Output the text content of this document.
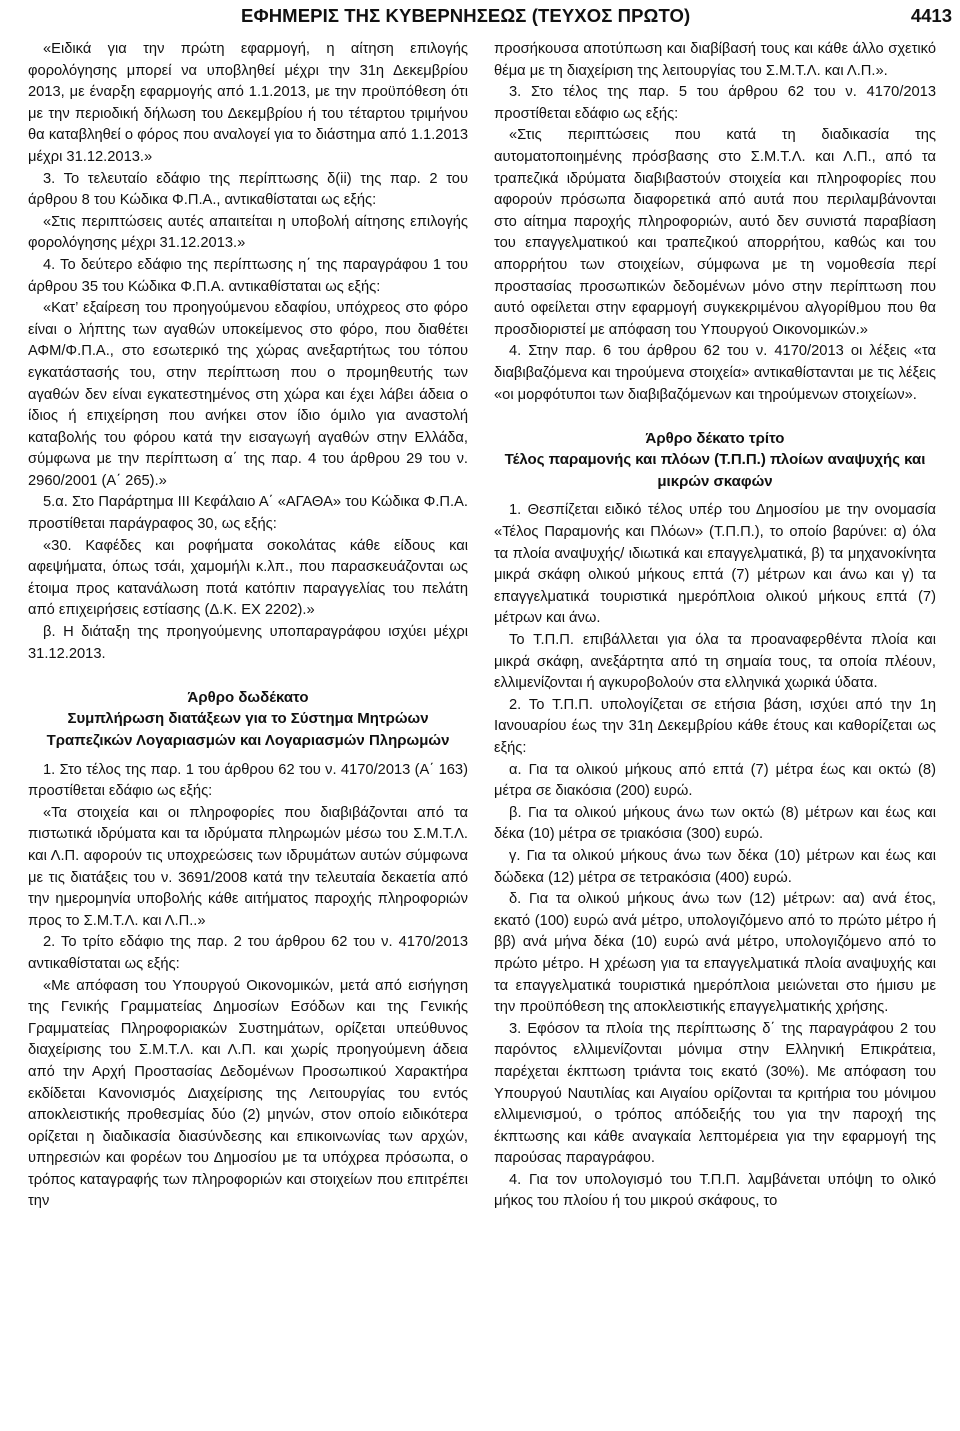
ΕΦΗΜΕΡΙΣ ΤΗΣ ΚΥΒΕΡΝΗΣΕΩΣ (ΤΕΥΧΟΣ ΠΡΩΤΟ)	4413

«Ειδικά για την πρώτη εφαρμογή, η αίτηση επιλογής φορολόγησης μπορεί να υποβληθεί μέχρι την 31η Δεκεμβρίου 2013, με έναρξη εφαρμογής από 1.1.2013, με την προϋπόθεση ότι με την περιοδική δήλωση του Δεκεμβρίου ή του τέταρτου τριμήνου θα καταβληθεί ο φόρος που αναλογεί για το διάστημα από 1.1.2013 μέχρι 31.12.2013.»

3. Το τελευταίο εδάφιο της περίπτωσης δ(ii) της παρ. 2 του άρθρου 8 του Κώδικα Φ.Π.Α., αντικαθίσταται ως εξής:

«Στις περιπτώσεις αυτές απαιτείται η υποβολή αίτησης επιλογής φορολόγησης μέχρι 31.12.2013.»

4. Το δεύτερο εδάφιο της περίπτωσης η΄ της παραγράφου 1 του άρθρου 35 του Κώδικα Φ.Π.Α. αντικαθίσταται ως εξής:

«Κατ’ εξαίρεση του προηγούμενου εδαφίου, υπόχρεος στο φόρο είναι ο λήπτης των αγαθών υποκείμενος στο φόρο, που διαθέτει ΑΦΜ/Φ.Π.Α., στο εσωτερικό της χώρας ανεξαρτήτως του τόπου εγκατάστασής του, στην περίπτωση που ο προμηθευτής των αγαθών δεν είναι εγκατεστημένος στη χώρα και έχει λάβει άδεια ο ίδιος ή επιχείρηση που ανήκει στον ίδιο όμιλο για αναστολή καταβολής του φόρου κατά την εισαγωγή αγαθών στην Ελλάδα, σύμφωνα με την περίπτωση α΄ της παρ. 4 του άρθρου 29 του ν. 2960/2001 (Α΄ 265).»

5.α. Στο Παράρτημα ΙΙΙ Κεφάλαιο Α΄ «ΑΓΑΘΑ» του Κώδικα Φ.Π.Α. προστίθεται παράγραφος 30, ως εξής:

«30. Καφέδες και ροφήματα σοκολάτας κάθε είδους και αφεψήματα, όπως τσάι, χαμομήλι κ.λπ., που παρασκευάζονται ως έτοιμα προς κατανάλωση ποτά κατόπιν παραγγελίας του πελάτη από επιχειρήσεις εστίασης (Δ.Κ. ΕΧ 2202).»

β. Η διάταξη της προηγούμενης υποπαραγράφου ισχύει μέχρι 31.12.2013.

Άρθρο δωδέκατο

Συμπλήρωση διατάξεων για το Σύστημα Μητρώων Τραπεζικών Λογαριασμών και Λογαριασμών Πληρωμών

1. Στο τέλος της παρ. 1 του άρθρου 62 του ν. 4170/2013 (Α΄ 163) προστίθεται εδάφιο ως εξής:

«Τα στοιχεία και οι πληροφορίες που διαβιβάζονται από τα πιστωτικά ιδρύματα και τα ιδρύματα πληρωμών μέσω του Σ.Μ.Τ.Λ. και Λ.Π. αφορούν τις υποχρεώσεις των ιδρυμάτων αυτών σύμφωνα με τις διατάξεις του ν. 3691/2008 κατά την τελευταία δεκαετία από την ημερομηνία υποβολής κάθε αιτήματος παροχής πληροφοριών προς το Σ.Μ.Τ.Λ. και Λ.Π..»

2. Το τρίτο εδάφιο της παρ. 2 του άρθρου 62 του ν. 4170/2013 αντικαθίσταται ως εξής:

«Με απόφαση του Υπουργού Οικονομικών, μετά από εισήγηση της Γενικής Γραμματείας Δημοσίων Εσόδων και της Γενικής Γραμματείας Πληροφοριακών Συστημάτων, ορίζεται υπεύθυνος διαχείρισης του Σ.Μ.Τ.Λ. και Λ.Π. και χωρίς προηγούμενη άδεια από την Αρχή Προστασίας Δεδομένων Προσωπικού Χαρακτήρα εκδίδεται Κανονισμός Διαχείρισης της Λειτουργίας του εντός αποκλειστικής προθεσμίας δύο (2) μηνών, στον οποίο ειδικότερα ορίζεται η διαδικασία διασύνδεσης και επικοινωνίας των αρχών, υπηρεσιών και φορέων του Δημοσίου με τα υπόχρεα πρόσωπα, ο τρόπος καταγραφής των πληροφοριών και στοιχείων που επιτρέπει την

προσήκουσα αποτύπωση και διαβίβασή τους και κάθε άλλο σχετικό θέμα με τη διαχείριση της λειτουργίας του Σ.Μ.Τ.Λ. και Λ.Π.».

3. Στο τέλος της παρ. 5 του άρθρου 62 του ν. 4170/2013 προστίθεται εδάφιο ως εξής:

«Στις περιπτώσεις που κατά τη διαδικασία της αυτοματοποιημένης πρόσβασης στο Σ.Μ.Τ.Λ. και Λ.Π., από τα τραπεζικά ιδρύματα διαβιβαστούν στοιχεία και πληροφορίες που αφορούν πρόσωπα διαφορετικά από αυτά που περιλαμβάνονται στο αίτημα παροχής πληροφοριών, αυτό δεν συνιστά παραβίαση του επαγγελματικού και τραπεζικού απορρήτου, καθώς και του απορρήτου των στοιχείων, σύμφωνα με τη νομοθεσία περί προστασίας προσωπικών δεδομένων μόνο στην περίπτωση που αυτό οφείλεται στην εφαρμογή συγκεκριμένου αλγορίθμου που θα προσδιοριστεί με απόφαση του Υπουργού Οικονομικών.»

4. Στην παρ. 6 του άρθρου 62 του ν. 4170/2013 οι λέξεις «τα διαβιβαζόμενα και τηρούμενα στοιχεία» αντικαθίστανται με τις λέξεις «οι μορφότυποι των διαβιβαζόμενων και τηρούμενων στοιχείων».

Άρθρο δέκατο τρίτο

Τέλος παραμονής και πλόων (Τ.Π.Π.) πλοίων αναψυχής και μικρών σκαφών

1. Θεσπίζεται ειδικό τέλος υπέρ του Δημοσίου με την ονομασία «Τέλος Παραμονής και Πλόων» (Τ.Π.Π.), το οποίο βαρύνει: α) όλα τα πλοία αναψυχής/ ιδιωτικά και επαγγελματικά, β) τα μηχανοκίνητα μικρά σκάφη ολικού μήκους επτά (7) μέτρων και άνω και γ) τα επαγγελματικά τουριστικά ημερόπλοια ολικού μήκους επτά (7) μέτρων και άνω.

Το Τ.Π.Π. επιβάλλεται για όλα τα προαναφερθέντα πλοία και μικρά σκάφη, ανεξάρτητα από τη σημαία τους, τα οποία πλέουν, ελλιμενίζονται ή αγκυροβολούν στα ελληνικά χωρικά ύδατα.

2. Το Τ.Π.Π. υπολογίζεται σε ετήσια βάση, ισχύει από την 1η Ιανουαρίου έως την 31η Δεκεμβρίου κάθε έτους και καθορίζεται ως εξής:

α. Για τα ολικού μήκους από επτά (7) μέτρα έως και οκτώ (8) μέτρα σε διακόσια (200) ευρώ.

β. Για τα ολικού μήκους άνω των οκτώ (8) μέτρων και έως και δέκα (10) μέτρα σε τριακόσια (300) ευρώ.

γ. Για τα ολικού μήκους άνω των δέκα (10) μέτρων και έως και δώδεκα (12) μέτρα σε τετρακόσια (400) ευρώ.

δ. Για τα ολικού μήκους άνω των (12) μέτρων: αα) ανά έτος, εκατό (100) ευρώ ανά μέτρο, υπολογιζόμενο από το πρώτο μέτρο ή ββ) ανά μήνα δέκα (10) ευρώ ανά μέτρο, υπολογιζόμενο από το πρώτο μέτρο. Η χρέωση για τα επαγγελματικά πλοία αναψυχής και τα επαγγελματικά τουριστικά ημερόπλοια μειώνεται στο ήμισυ με την προϋπόθεση της αποκλειστικής επαγγελματικής χρήσης.

3. Εφόσον τα πλοία της περίπτωσης δ΄ της παραγράφου 2 του παρόντος ελλιμενίζονται μόνιμα στην Ελληνική Επικράτεια, παρέχεται έκπτωση τριάντα τοις εκατό (30%). Με απόφαση του Υπουργού Ναυτιλίας και Αιγαίου ορίζονται τα κριτήρια του μόνιμου ελλιμενισμού, ο τρόπος απόδειξής του για την παροχή της έκπτωσης και κάθε αναγκαία λεπτομέρεια για την εφαρμογή της παρούσας παραγράφου.

4. Για τον υπολογισμό του Τ.Π.Π. λαμβάνεται υπόψη το ολικό μήκος του πλοίου ή του μικρού σκάφους, το
